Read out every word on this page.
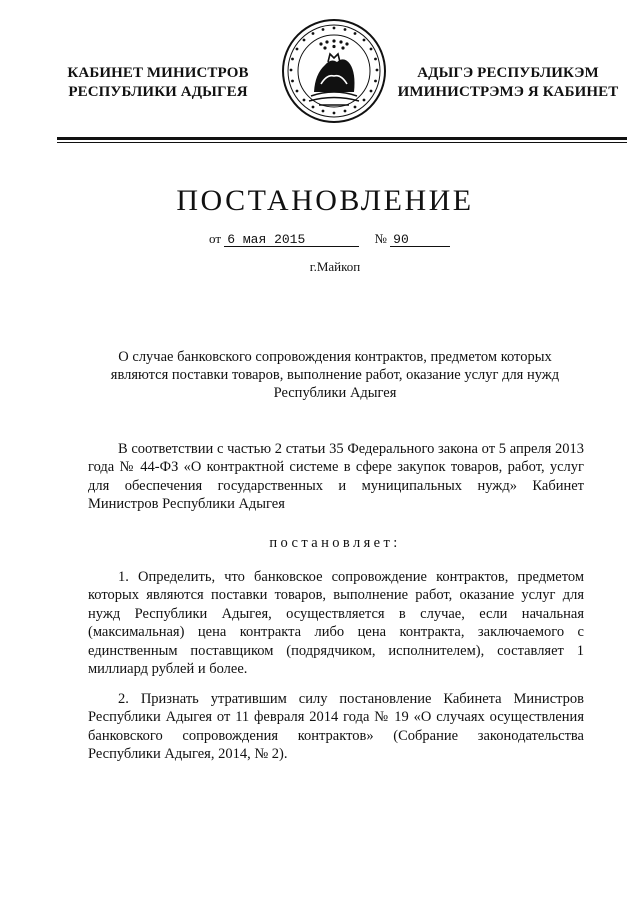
КАБИНЕТ МИНИСТРОВ
РЕСПУБЛИКИ АДЫГЕЯ
АДЫГЭ РЕСПУБЛИКЭМ
ИМИНИСТРЭМЭ Я КАБИНЕТ
ПОСТАНОВЛЕНИЕ
от 6 мая 2015	№ 90
г.Майкоп
О случае банковского сопровождения контрактов, предметом которых являются поставки товаров, выполнение работ, оказание услуг для нужд Республики Адыгея
В соответствии с частью 2 статьи 35 Федерального закона от 5 апреля 2013 года № 44-ФЗ «О контрактной системе в сфере закупок товаров, работ, услуг для обеспечения государственных и муниципальных нужд» Кабинет Министров Республики Адыгея
постановляет:
1. Определить, что банковское сопровождение контрактов, предметом которых являются поставки товаров, выполнение работ, оказание услуг для нужд Республики Адыгея, осуществляется в случае, если начальная (максимальная) цена контракта либо цена контракта, заключаемого с единственным поставщиком (подрядчиком, исполнителем), составляет 1 миллиард рублей и более.
2. Признать утратившим силу постановление Кабинета Министров Республики Адыгея от 11 февраля 2014 года № 19 «О случаях осуществления банковского сопровождения контрактов» (Собрание законодательства Республики Адыгея, 2014, № 2).
